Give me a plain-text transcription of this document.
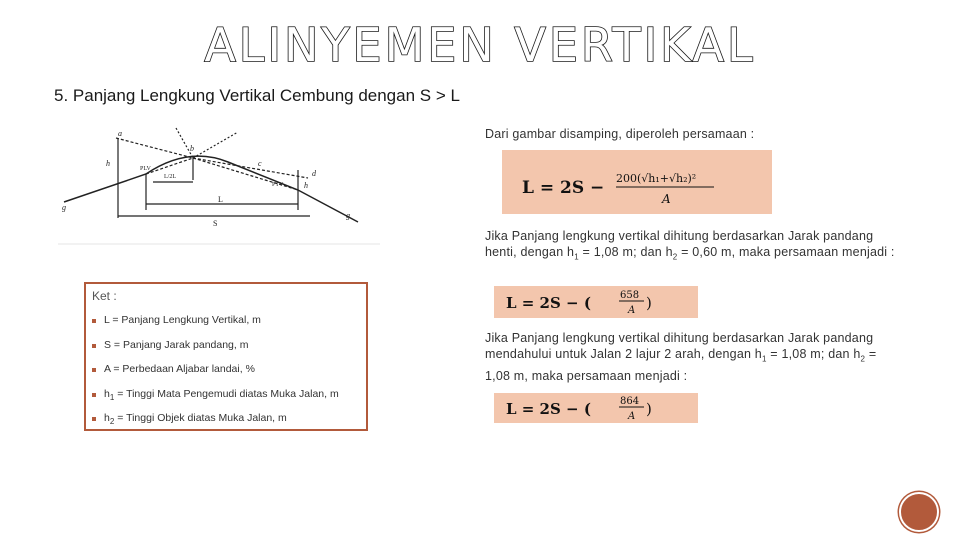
ALINYEMEN VERTIKAL
5. Panjang Lengkung Vertikal Cembung dengan S > L
a
b
c
d
h
h
PLV
PTV
L/2L
L
S
g
g
Ket :
L = Panjang Lengkung Vertikal, m
S = Panjang Jarak pandang, m
A = Perbedaan Aljabar landai, %
$h_1$ = Tinggi Mata Pengemudi diatas Muka Jalan, m
$h_2$ = Tinggi Objek diatas Muka Jalan, m
Dari gambar disamping, diperoleh persamaan :
L = 2S − 200(√h₁+√h₂)²
A
Jika Panjang lengkung vertikal dihitung berdasarkan Jarak pandang henti, dengan $h_1 = 1,08$ m; dan $h_2 = 0,60$ m, maka persamaan menjadi :
L = 2S − (	658
A )
Jika Panjang lengkung vertikal dihitung berdasarkan Jarak pandang mendahului untuk Jalan 2 lajur 2 arah, dengan $h_1 = 1,08$ m; dan $h_2 = 1,08$ m, maka persamaan menjadi :
L = 2S − (	864
A )
